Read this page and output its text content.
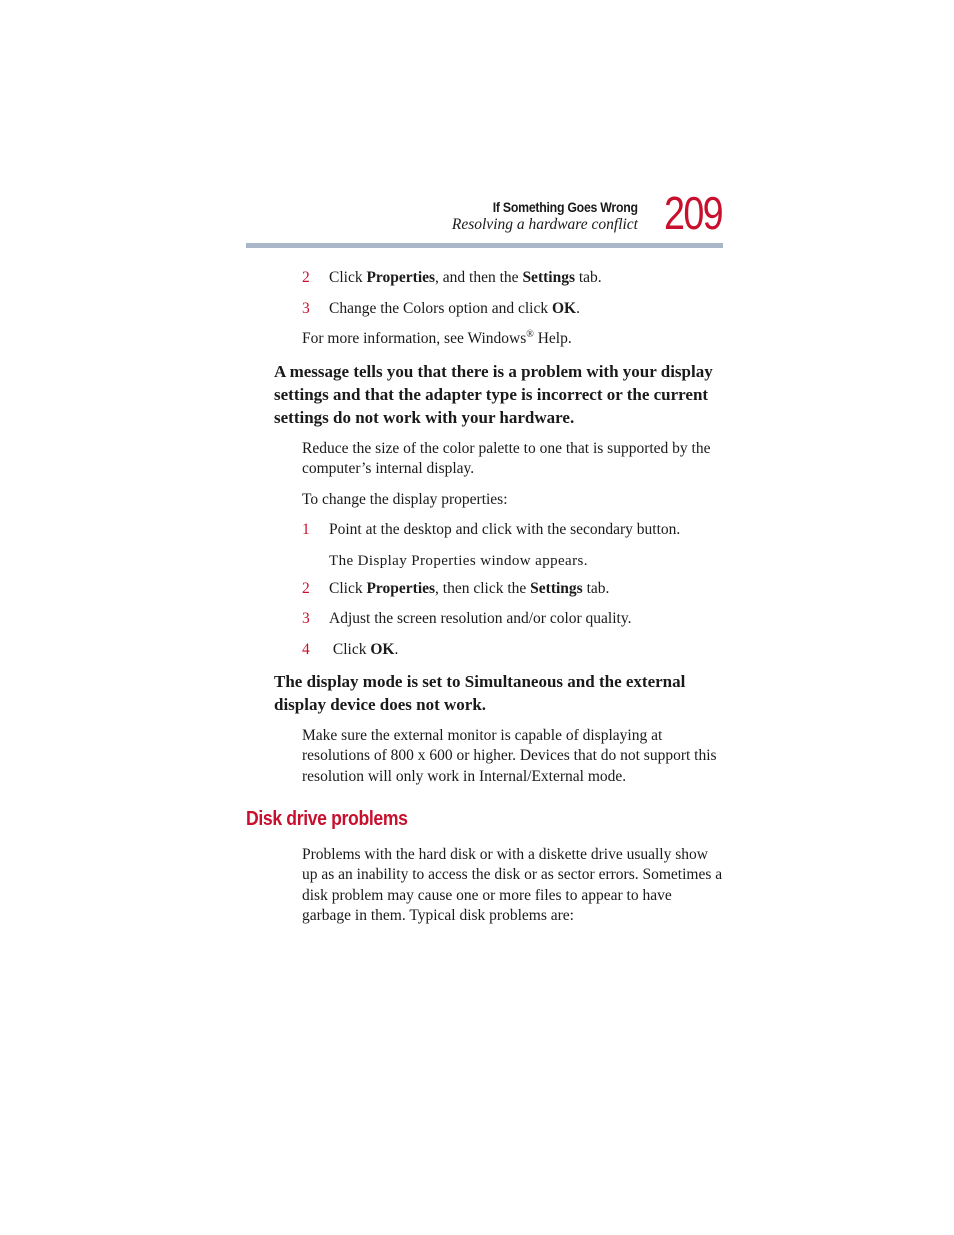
If Something Goes Wrong
Resolving a hardware conflict 209
2 Click Properties, and then the Settings tab.
3 Change the Colors option and click OK.
For more information, see Windows® Help.
A message tells you that there is a problem with your display settings and that the adapter type is incorrect or the current settings do not work with your hardware.
Reduce the size of the color palette to one that is supported by the computer’s internal display.
To change the display properties:
1 Point at the desktop and click with the secondary button.
The Display Properties window appears.
2 Click Properties, then click the Settings tab.
3 Adjust the screen resolution and/or color quality.
4 Click OK.
The display mode is set to Simultaneous and the external display device does not work.
Make sure the external monitor is capable of displaying at resolutions of 800 x 600 or higher. Devices that do not support this resolution will only work in Internal/External mode.
Disk drive problems
Problems with the hard disk or with a diskette drive usually show up as an inability to access the disk or as sector errors. Sometimes a disk problem may cause one or more files to appear to have garbage in them. Typical disk problems are:
